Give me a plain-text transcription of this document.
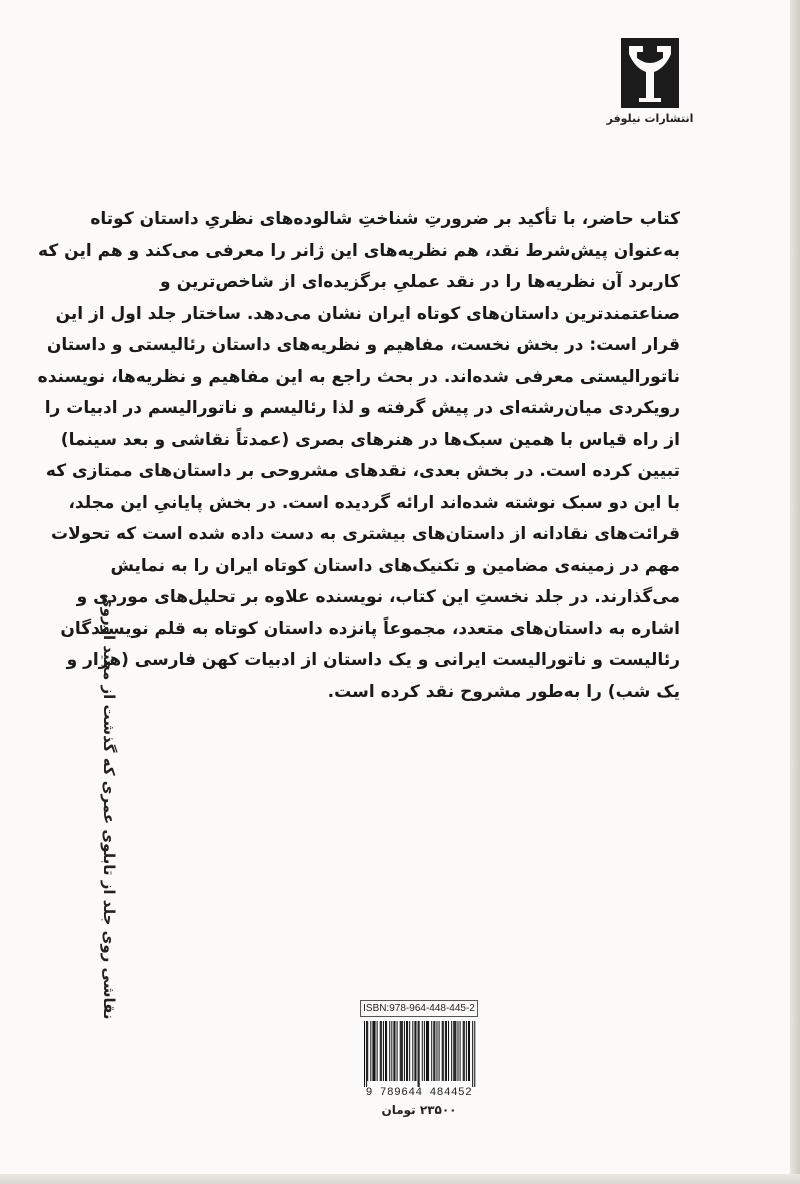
انتشارات نیلوفر
کتاب حاضر، با تأکید بر ضرورتِ شناختِ شالوده‌های نظریِ داستان کوتاه
به‌عنوان پیش‌شرط نقد، هم نظریه‌های این ژانر را معرفی می‌کند و هم این که
کاربرد آن نظریه‌ها را در نقد عملیِ برگزیده‌ای از شاخص‌ترین و
صناعتمندترین داستان‌های کوتاه ایران نشان می‌دهد. ساختار جلد اول از این
قرار است: در بخش نخست، مفاهیم و نظریه‌های داستان رئالیستی و داستان
ناتورالیستی معرفی شده‌اند. در بحث راجع به این مفاهیم و نظریه‌ها، نویسنده
رویکردی میان‌رشته‌ای در پیش گرفته و لذا رئالیسم و ناتورالیسم در ادبیات را
از راه قیاس با همین سبک‌ها در هنرهای بصری (عمدتاً نقاشی و بعد سینما)
تبیین کرده است. در بخش بعدی، نقدهای مشروحی بر داستان‌های ممتازی که
با این دو سبک نوشته شده‌اند ارائه گردیده است. در بخش پایانیِ این مجلد،
قرائت‌های نقادانه از داستان‌های بیشتری به دست داده شده است که تحولات
مهم در زمینه‌ی مضامین و تکنیک‌های داستان کوتاه ایران را به نمایش
می‌گذارند. در جلد نخستِ این کتاب، نویسنده علاوه بر تحلیل‌های موردی و
اشاره به داستان‌های متعدد، مجموعاً پانزده داستان کوتاه به قلم نویسندگان
رئالیست و ناتورالیست ایرانی و یک داستان از ادبیات کهن فارسی (هزار و
یک شب) را به‌طور مشروح نقد کرده است.
نقاشی روی جلد از تابلوی عمری که گذشت از مجید اوروی	ISBN:978-964-448-445-2
9 789644 484452
۲۳۵۰۰ تومان
